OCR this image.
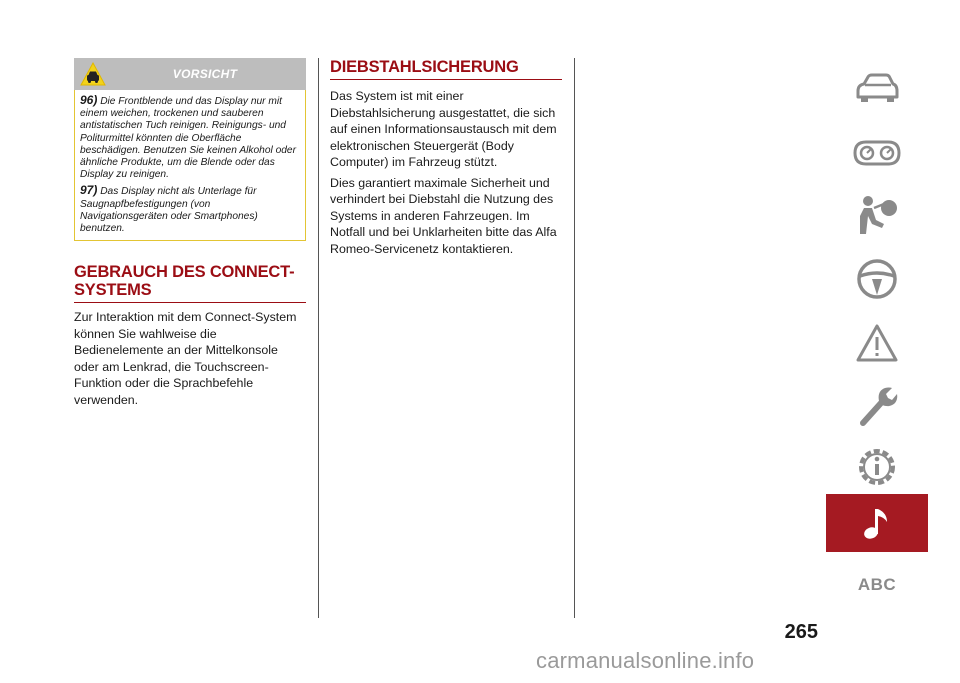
VORSICHT

96) Die Frontblende und das Display nur mit einem weichen, trockenen und sauberen antistatischen Tuch reinigen. Reinigungs- und Politurmittel könnten die Oberfläche beschädigen. Benutzen Sie keinen Alkohol oder ähnliche Produkte, um die Blende oder das Display zu reinigen.

97) Das Display nicht als Unterlage für Saugnapfbefestigungen (von Navigationsgeräten oder Smartphones) benutzen.

GEBRAUCH DES CONNECT-SYSTEMS

Zur Interaktion mit dem Connect-System können Sie wahlweise die Bedienelemente an der Mittelkonsole oder am Lenkrad, die Touchscreen-Funktion oder die Sprachbefehle verwenden.

DIEBSTAHLSICHERUNG

Das System ist mit einer Diebstahlsicherung ausgestattet, die sich auf einen Informationsaustausch mit dem elektronischen Steuergerät (Body Computer) im Fahrzeug stützt.

Dies garantiert maximale Sicherheit und verhindert bei Diebstahl die Nutzung des Systems in anderen Fahrzeugen. Im Notfall und bei Unklarheiten bitte das Alfa Romeo-Servicenetz kontaktieren.

ABC
265
carmanualsonline.info
